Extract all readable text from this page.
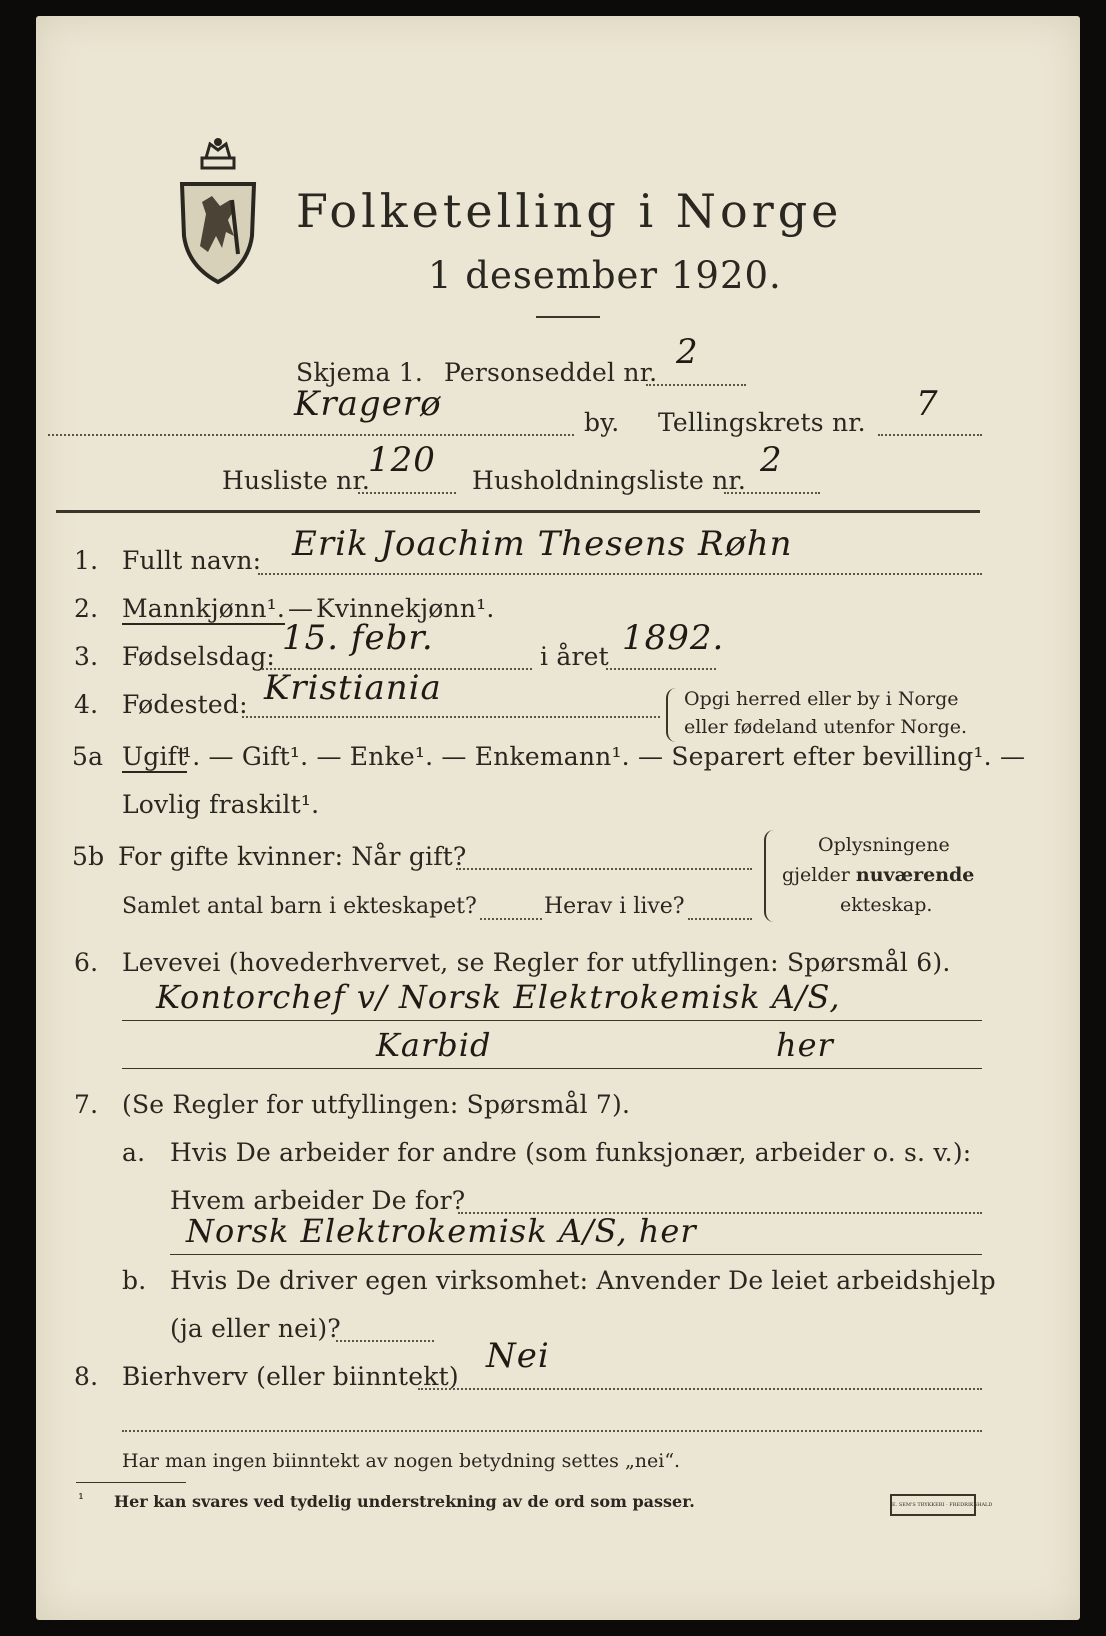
Folketelling i Norge
1 desember 1920.
Skjema 1. Personseddel nr.
2
Kragerø	by. Tellingskrets nr. 7
Husliste nr.
120
Husholdningsliste nr.
2
1. Fullt navn: Erik Joachim Thesens Røhn
2. Mannkjønn¹. — Kvinnekjønn¹.
3. Fødselsdag: 15. febr.	i året 1892.
4. Fødested: Kristiania	Opgi herred eller by i Norge
eller fødeland utenfor Norge.
5a Ugift
¹. — Gift¹. — Enke¹. — Enkemann¹. — Separert efter bevilling¹. —
Lovlig fraskilt¹.
5b For gifte kvinner: Når gift?
Samlet antal barn i ekteskapet?	Herav i live?
Oplysningene
gjelder nuværende
ekteskap.
6. Levevei (hovederhvervet, se Regler for utfyllingen: Spørsmål 6).
Kontorchef v/ Norsk Elektrokemisk A/S,
Karbid	her
7. (Se Regler for utfyllingen: Spørsmål 7).
a. Hvis De arbeider for andre (som funksjonær, arbeider o. s. v.):
Hvem arbeider De for?
Norsk Elektrokemisk A/S, her
b. Hvis De driver egen virksomhet: Anvender De leiet arbeidshjelp
(ja eller nei)?
8. Bierhverv (eller biinntekt)
Nei
Har man ingen biinntekt av nogen betydning settes „nei“.
¹ Her kan svares ved tydelig understrekning av de ord som passer.	E. SEM'S TRYKKERI · FREDRIKSHALD
